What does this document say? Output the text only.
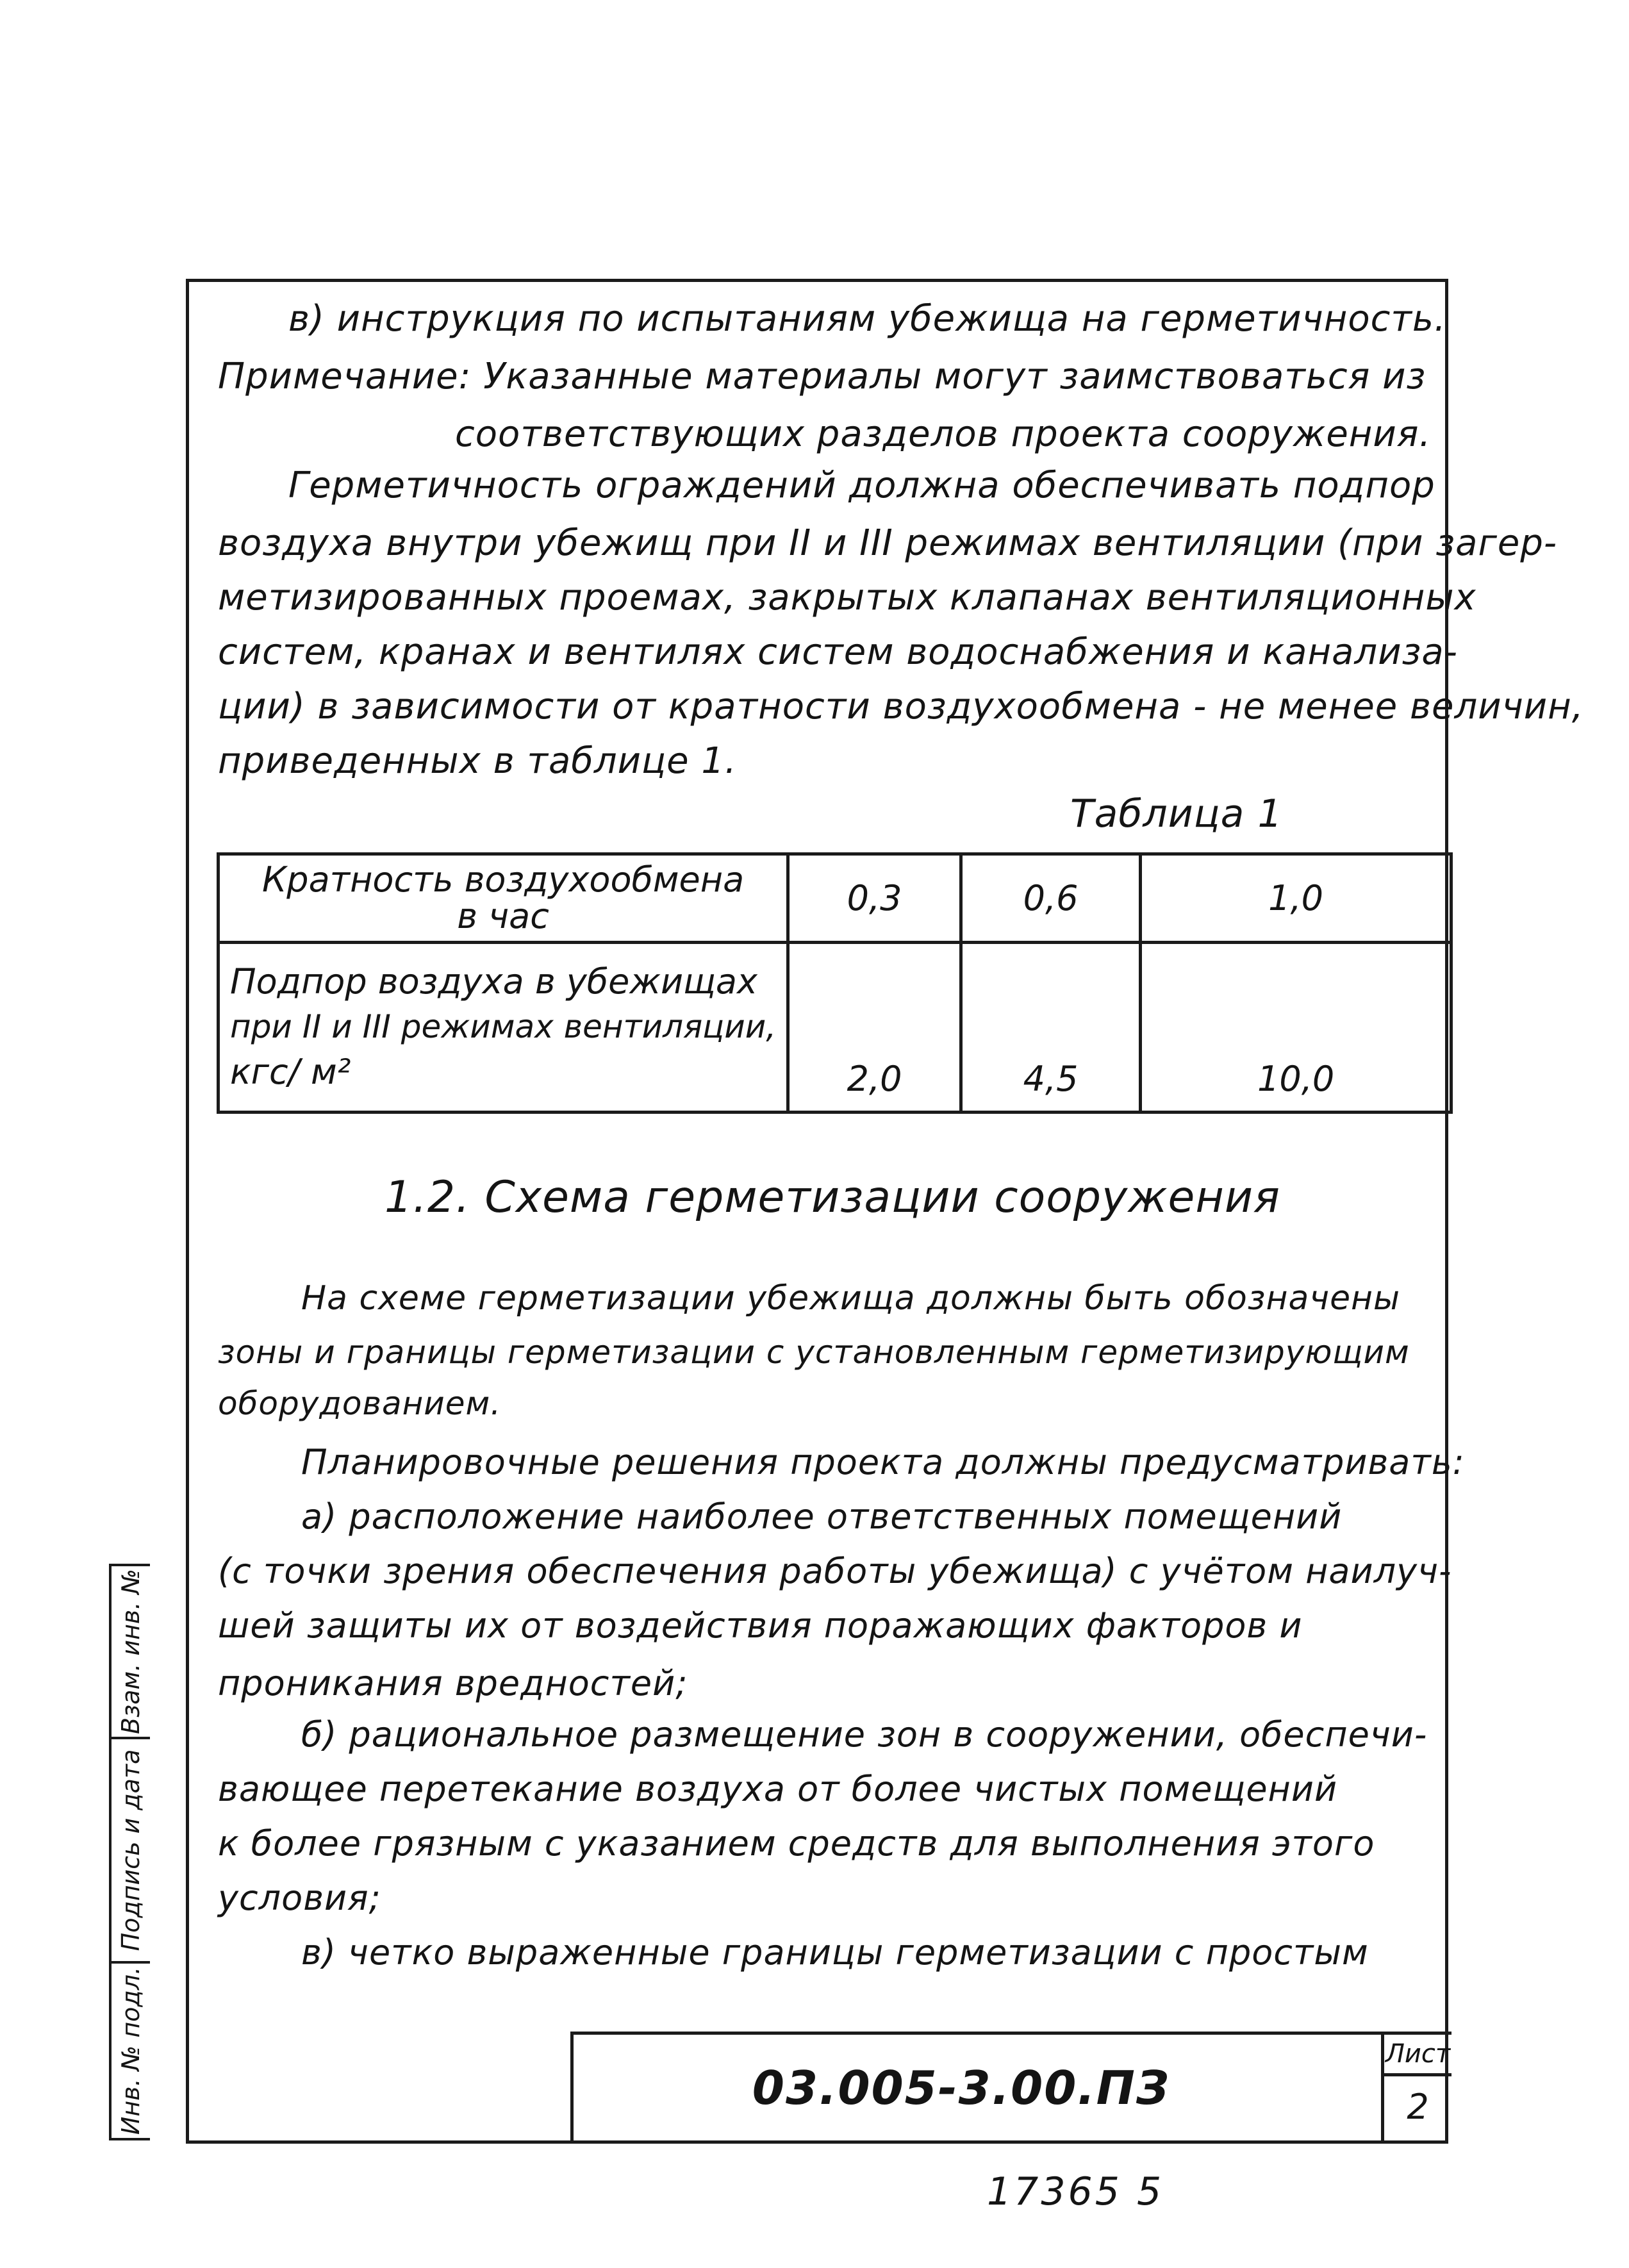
в) инструкция по испытаниям убежища на герметичность.
Примечание: Указанные материалы могут заимствоваться из
соответствующих разделов проекта сооружения.
Герметичность ограждений должна обеспечивать подпор
воздуха внутри убежищ при II и III режимах вентиляции (при загер-
метизированных проемах, закрытых клапанах вентиляционных
систем, кранах и вентилях систем водоснабжения и канализа-
ции) в зависимости от кратности воздухообмена - не менее величин,
приведенных в таблице 1.
Таблица 1
Кратность воздухообмена
в час	0,3	0,6	1,0

Подпор воздуха в убежищах
при II и III режимах вентиляции,
кгс/ м²	2,0	4,5	10,0
1.2. Схема герметизации сооружения
На схеме герметизации убежища должны быть обозначены
зоны и границы герметизации с установленным герметизирующим
оборудованием.
Планировочные решения проекта должны предусматривать:
а) расположение наиболее ответственных помещений
(с точки зрения обеспечения работы убежища) с учётом наилуч-
шей защиты их от воздействия поражающих факторов и
проникания вредностей;
б) рациональное размещение зон в сооружении, обеспечи-
вающее перетекание воздуха от более чистых помещений
к более грязным с указанием средств для выполнения этого
условия;
в) четко выраженные границы герметизации с простым
Взам. инв. №
Подпись и дата
Инв. № подл.	03.005-3.00.ПЗ
Лист
2
17365 5
